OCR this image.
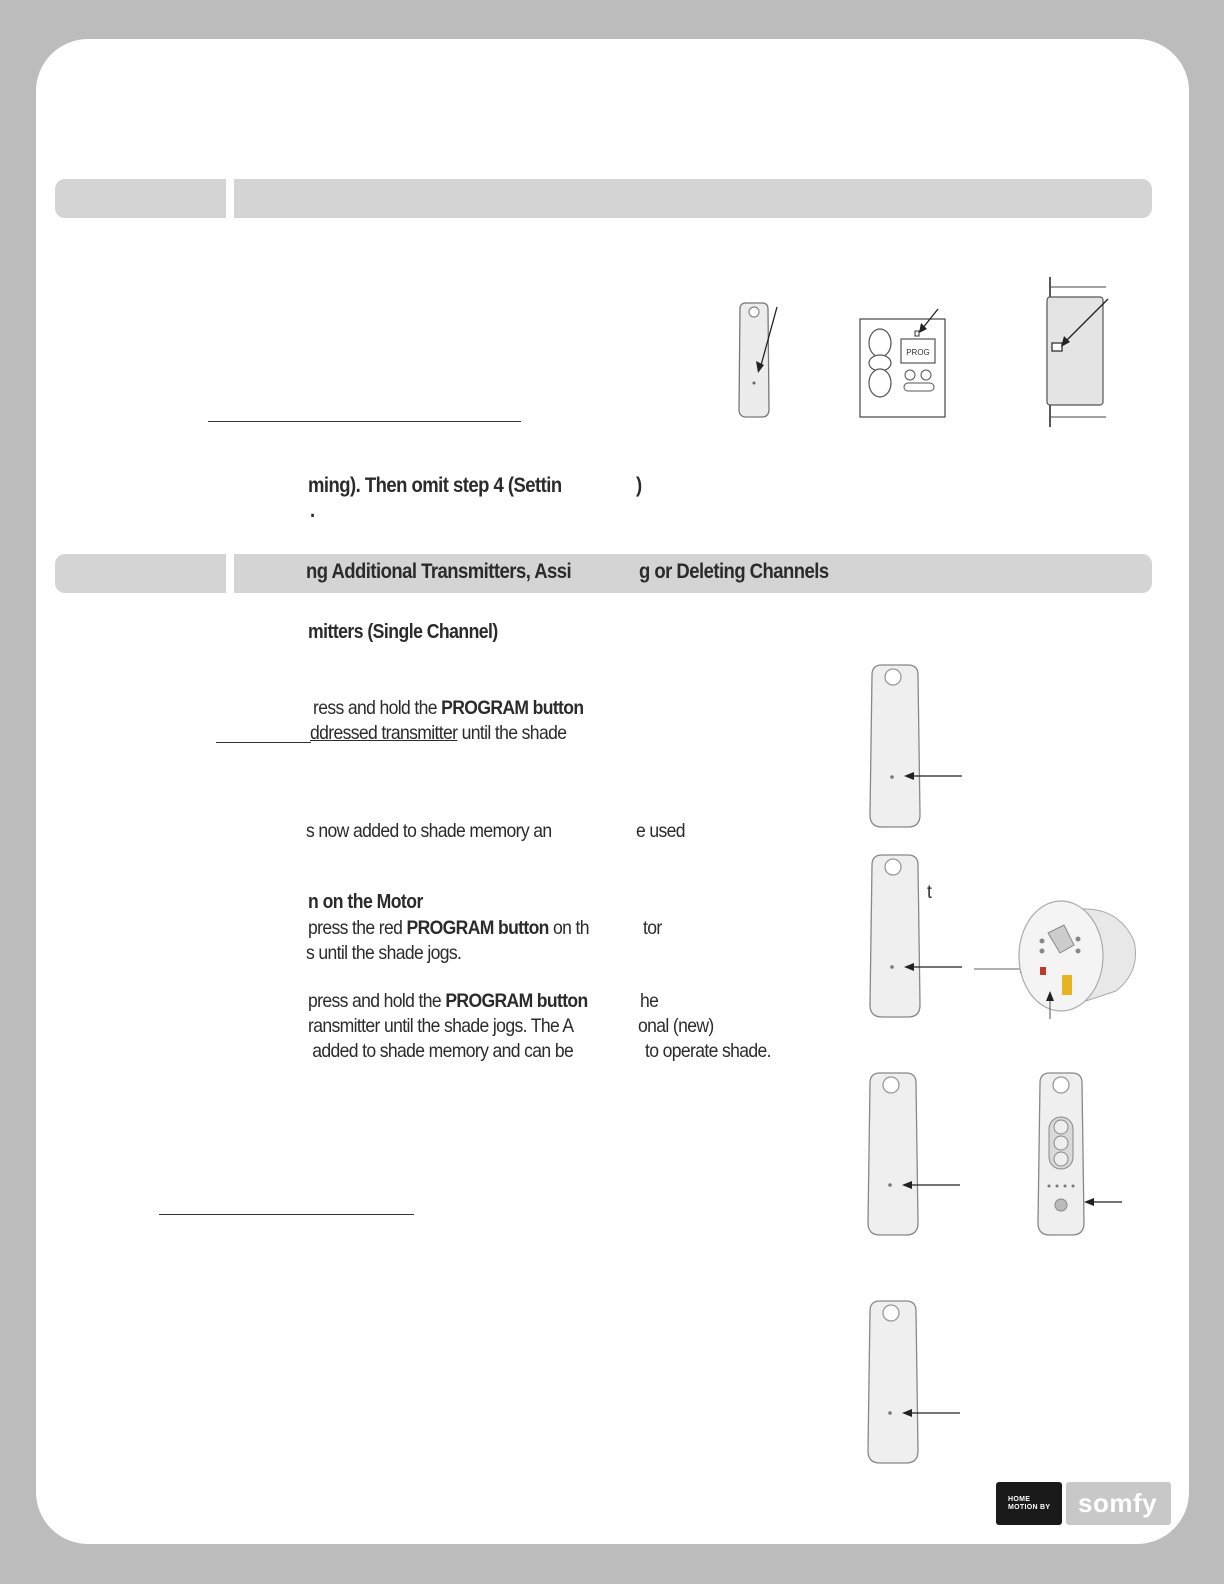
PROG
ming). Then omit step 4 (Settin	)
.
ng Additional Transmitters, Assi	g or Deleting Channels
mitters (Single Channel)
ress and hold the PROGRAM button
ddressed transmitter until the shade
s now added to shade memory an	e used
n on the Motor
press the red PROGRAM button on th	tor
s until the shade jogs.
press and hold the PROGRAM button	he
ransmitter until the shade jogs. The A	onal (new)
added to shade memory and can be	to operate shade.
t
HOME
MOTION BY somfy
